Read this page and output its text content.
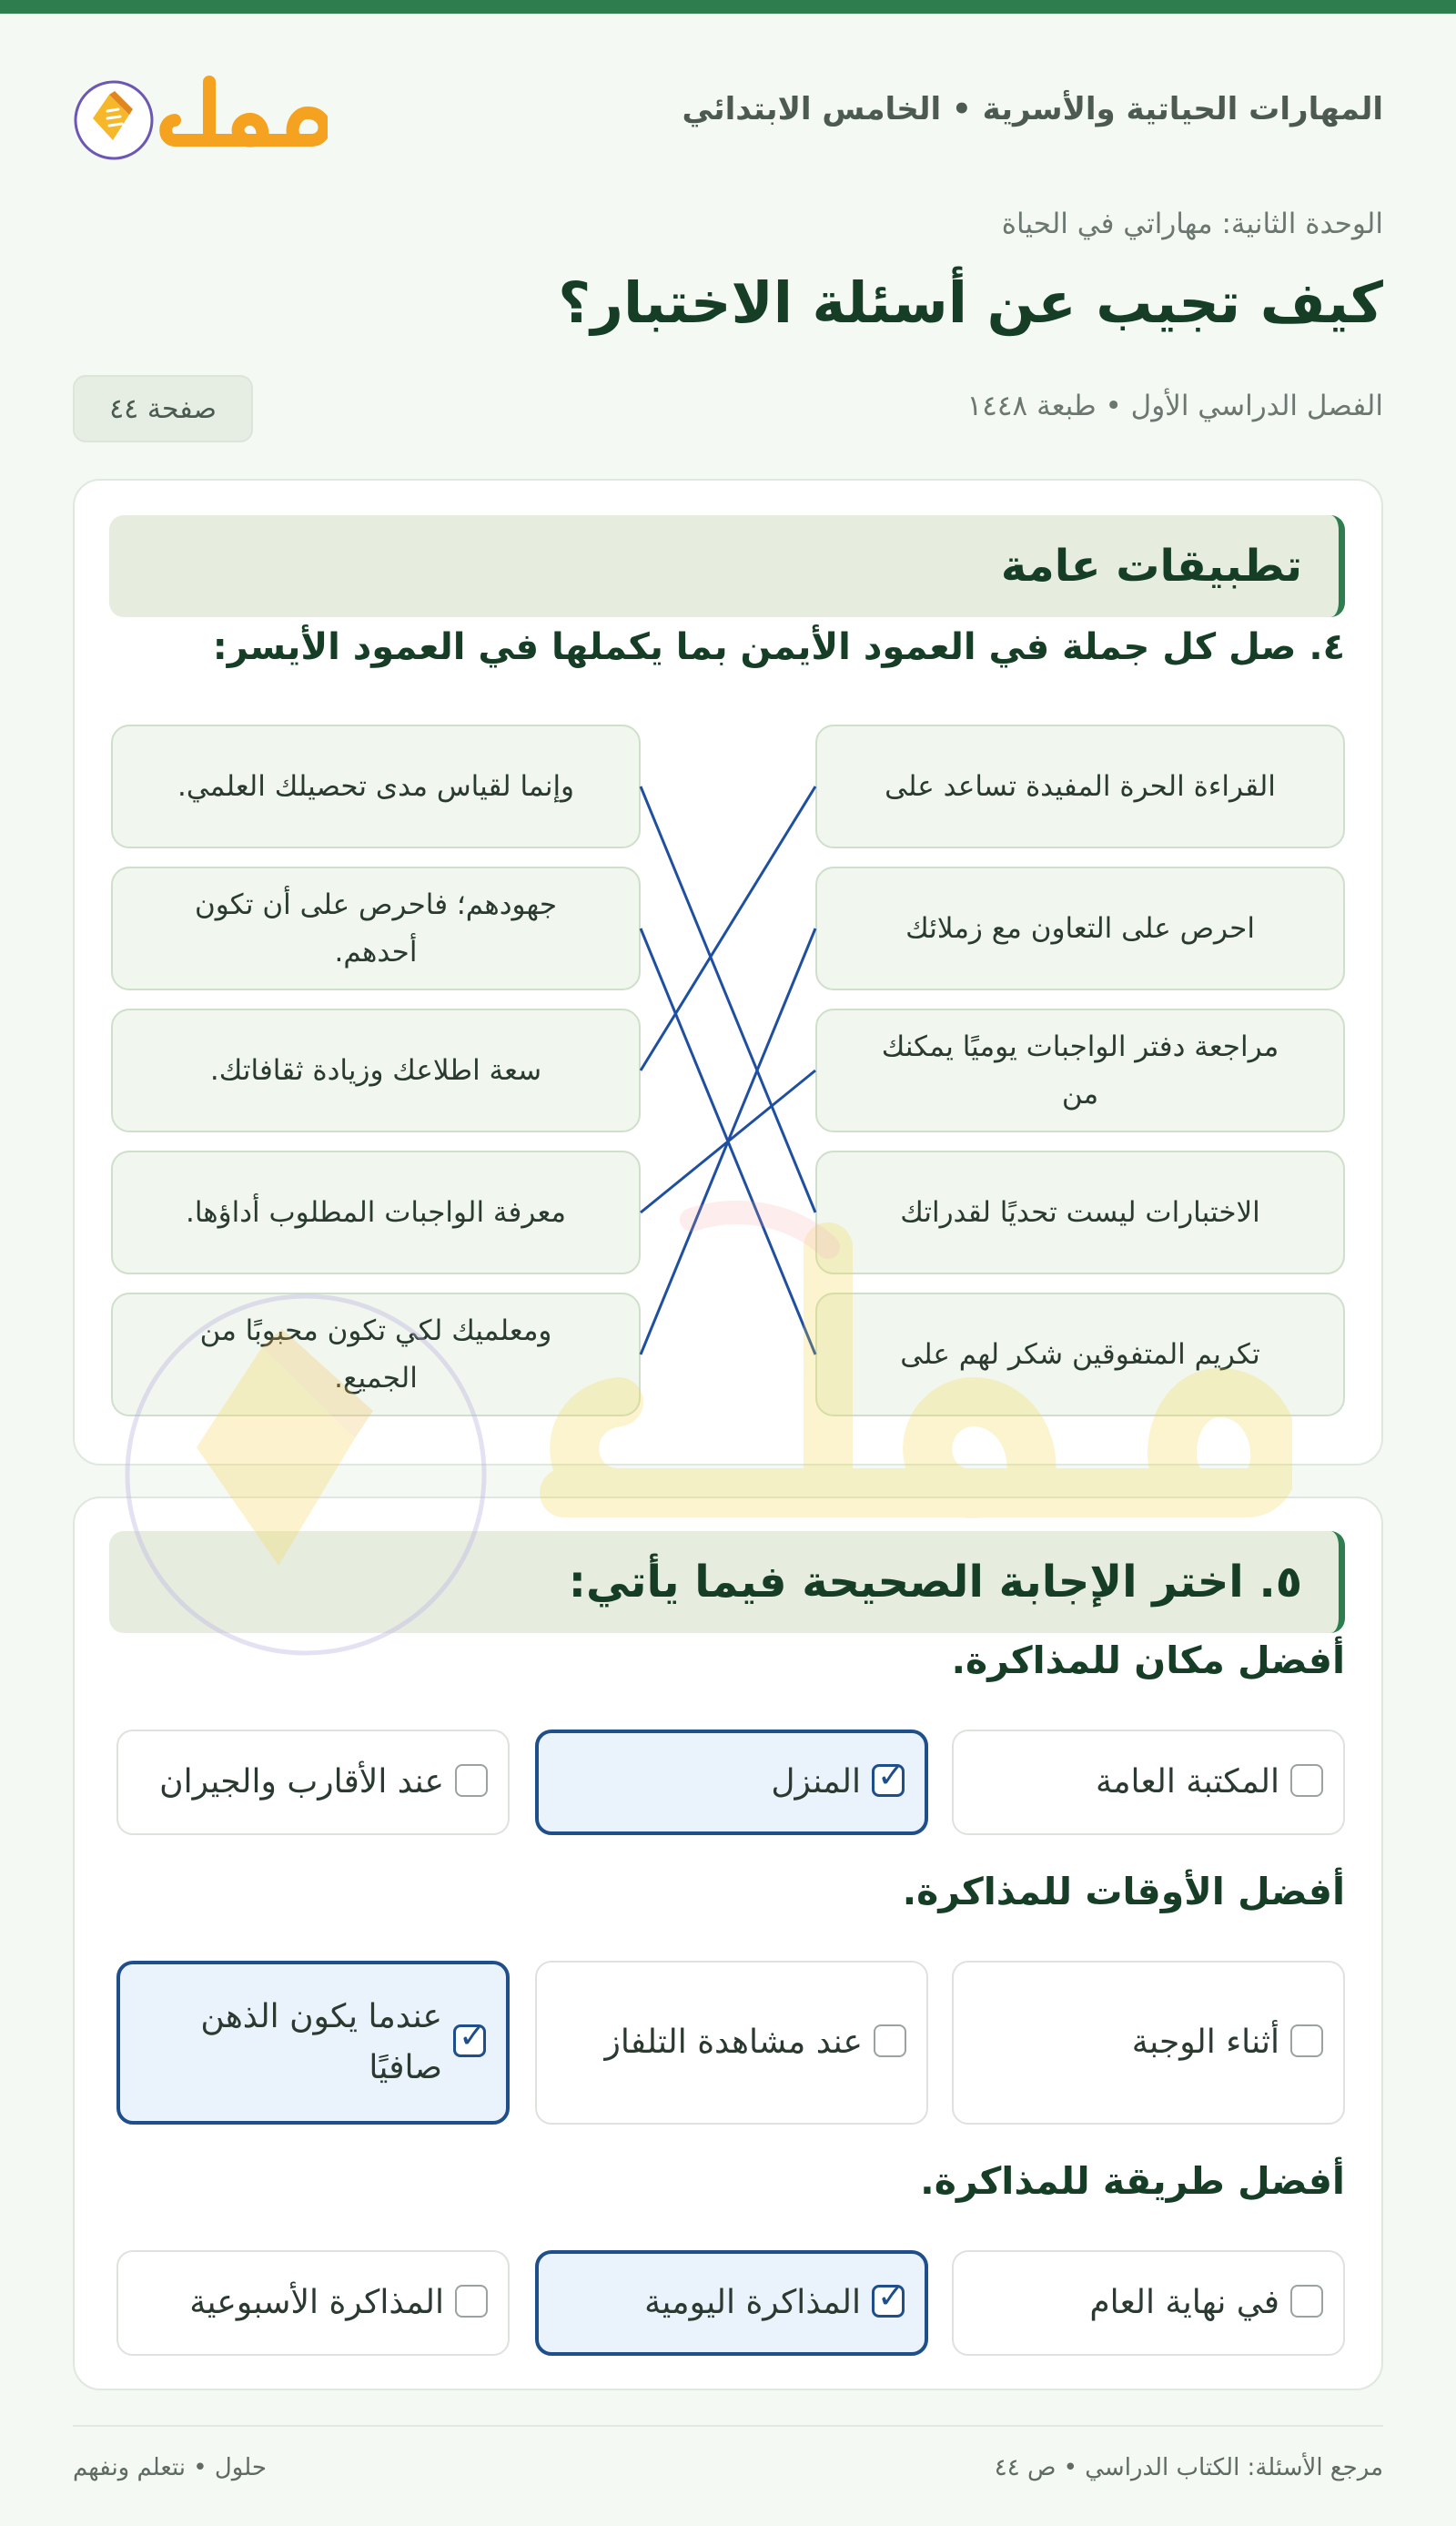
المهارات الحياتية والأسرية • الخامس الابتدائي
الوحدة الثانية: مهاراتي في الحياة
كيف تجيب عن أسئلة الاختبار؟
الفصل الدراسي الأول • طبعة ١٤٤٨
صفحة ٤٤
تطبيقات عامة
٤. صل كل جملة في العمود الأيمن بما يكملها في العمود الأيسر:
القراءة الحرة المفيدة تساعد على
احرص على التعاون مع زملائك
مراجعة دفتر الواجبات يوميًا يمكنك من
الاختبارات ليست تحديًا لقدراتك
تكريم المتفوقين شكر لهم على
وإنما لقياس مدى تحصيلك العلمي.
جهودهم؛ فاحرص على أن تكون أحدهم.
سعة اطلاعك وزيادة ثقافاتك.
معرفة الواجبات المطلوب أداؤها.
ومعلميك لكي تكون محبوبًا من الجميع.
٥. اختر الإجابة الصحيحة فيما يأتي:
أفضل مكان للمذاكرة.
المكتبة العامة
✓
المنزل
عند الأقارب والجيران
أفضل الأوقات للمذاكرة.
أثناء الوجبة
عند مشاهدة التلفاز
✓
عندما يكون الذهن صافيًا
أفضل طريقة للمذاكرة.
في نهاية العام
✓
المذاكرة اليومية
المذاكرة الأسبوعية
مرجع الأسئلة: الكتاب الدراسي • ص ٤٤
حلول • نتعلم ونفهم
